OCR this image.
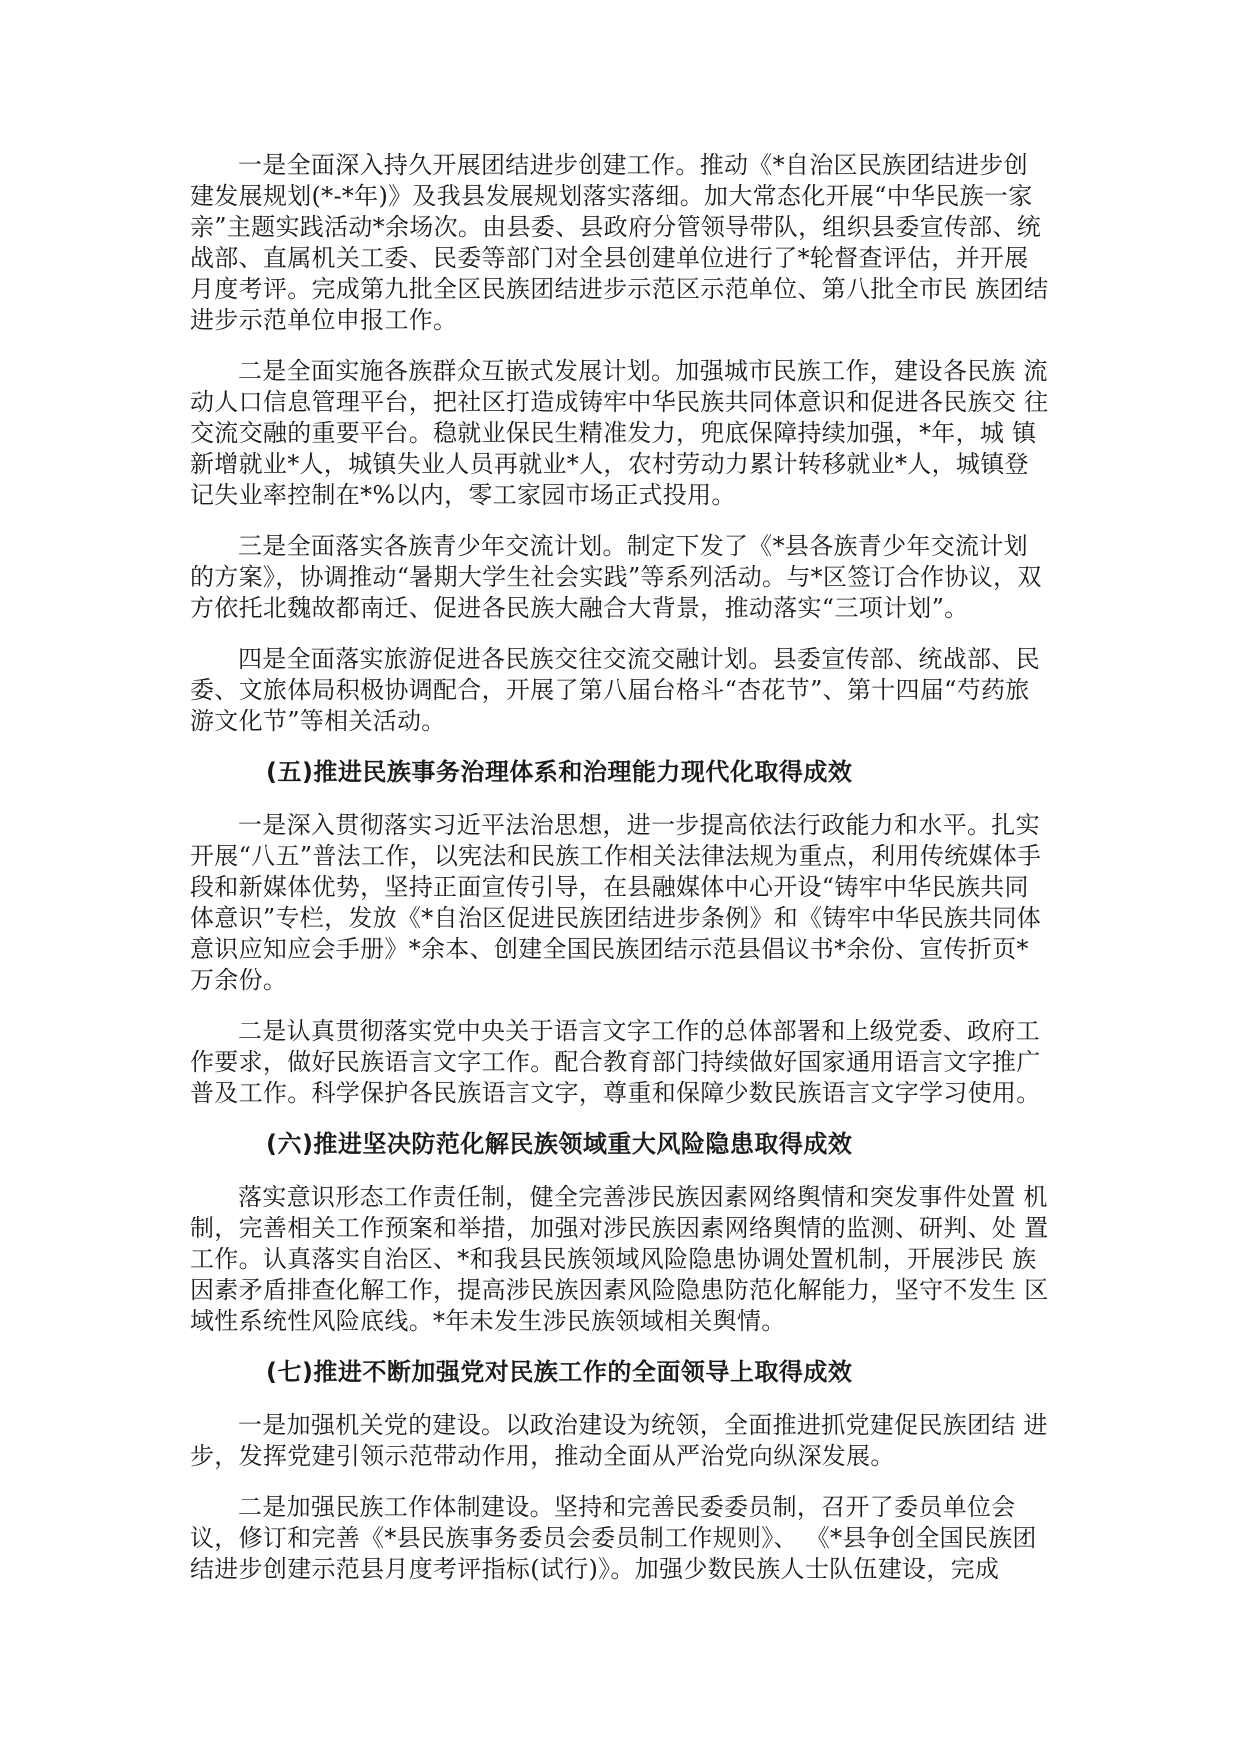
一是全面深入持久开展团结进步创建工作。推动《*自治区民族团结进步创建发展规划(*-*年)》及我县发展规划落实落细。加大常态化开展“中华民族一家亲”主题实践活动*余场次。由县委、县政府分管领导带队，组织县委宣传部、统战部、直属机关工委、民委等部门对全县创建单位进行了*轮督查评估，并开展月度考评。完成第九批全区民族团结进步示范区示范单位、第八批全市民 族团结进步示范单位申报工作。

二是全面实施各族群众互嵌式发展计划。加强城市民族工作，建设各民族 流动人口信息管理平台，把社区打造成铸牢中华民族共同体意识和促进各民族交 往交流交融的重要平台。稳就业保民生精准发力，兜底保障持续加强，*年，城 镇新增就业*人，城镇失业人员再就业*人，农村劳动力累计转移就业*人，城镇登 记失业率控制在*%以内，零工家园市场正式投用。

三是全面落实各族青少年交流计划。制定下发了《*县各族青少年交流计划的方案》，协调推动“暑期大学生社会实践”等系列活动。与*区签订合作协议，双方依托北魏故都南迁、促进各民族大融合大背景，推动落实“三项计划”。

四是全面落实旅游促进各民族交往交流交融计划。县委宣传部、统战部、民委、文旅体局积极协调配合，开展了第八届台格斗“杏花节”、第十四届“芍药旅游文化节”等相关活动。

(五)推进民族事务治理体系和治理能力现代化取得成效

一是深入贯彻落实习近平法治思想，进一步提高依法行政能力和水平。扎实开展“八五”普法工作，以宪法和民族工作相关法律法规为重点，利用传统媒体手段和新媒体优势，坚持正面宣传引导，在县融媒体中心开设“铸牢中华民族共同体意识”专栏，发放《*自治区促进民族团结进步条例》和《铸牢中华民族共同体意识应知应会手册》*余本、创建全国民族团结示范县倡议书*余份、宣传折页*万余份。

二是认真贯彻落实党中央关于语言文字工作的总体部署和上级党委、政府工作要求，做好民族语言文字工作。配合教育部门持续做好国家通用语言文字推广普及工作。科学保护各民族语言文字，尊重和保障少数民族语言文字学习使用。

(六)推进坚决防范化解民族领域重大风险隐患取得成效

落实意识形态工作责任制，健全完善涉民族因素网络舆情和突发事件处置 机制，完善相关工作预案和举措，加强对涉民族因素网络舆情的监测、研判、处 置工作。认真落实自治区、*和我县民族领域风险隐患协调处置机制，开展涉民 族因素矛盾排查化解工作，提高涉民族因素风险隐患防范化解能力，坚守不发生 区域性系统性风险底线。*年未发生涉民族领域相关舆情。

(七)推进不断加强党对民族工作的全面领导上取得成效

一是加强机关党的建设。以政治建设为统领，全面推进抓党建促民族团结 进步，发挥党建引领示范带动作用，推动全面从严治党向纵深发展。

二是加强民族工作体制建设。坚持和完善民委委员制，召开了委员单位会议，修订和完善《*县民族事务委员会委员制工作规则》、 《*县争创全国民族团 结进步创建示范县月度考评指标(试行)》。加强少数民族人士队伍建设，完成
